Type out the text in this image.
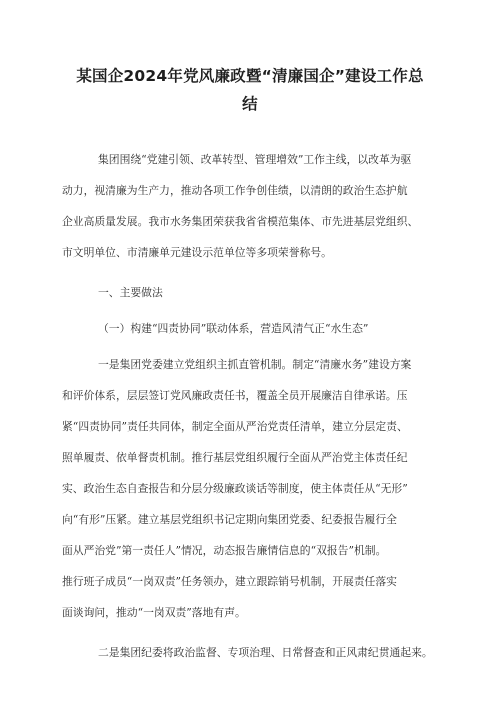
某国企2024年党风廉政暨“清廉国企”建设工作总
结

集团围绕“党建引领、改革转型、管理增效”工作主线，以改革为驱

动力，视清廉为生产力，推动各项工作争创佳绩，以清朗的政治生态护航

企业高质量发展。我市水务集团荣获我省省模范集体、市先进基层党组织、

市文明单位、市清廉单元建设示范单位等多项荣誉称号。

一、主要做法

（一）构建“四责协同”联动体系，营造风清气正“水生态”

一是集团党委建立党组织主抓直管机制。制定“清廉水务”建设方案

和评价体系，层层签订党风廉政责任书，覆盖全员开展廉洁自律承诺。压

紧“四责协同”责任共同体，制定全面从严治党责任清单，建立分层定责、

照单履责、依单督责机制。推行基层党组织履行全面从严治党主体责任纪

实、政治生态自查报告和分层分级廉政谈话等制度，使主体责任从“无形”

向“有形”压紧。建立基层党组织书记定期向集团党委、纪委报告履行全

面从严治党”第一责任人”情况，动态报告廉情信息的“双报告”机制。

推行班子成员“一岗双责”任务领办，建立跟踪销号机制，开展责任落实

面谈询问，推动“一岗双责”落地有声。

二是集团纪委将政治监督、专项治理、日常督查和正风肃纪贯通起来。
